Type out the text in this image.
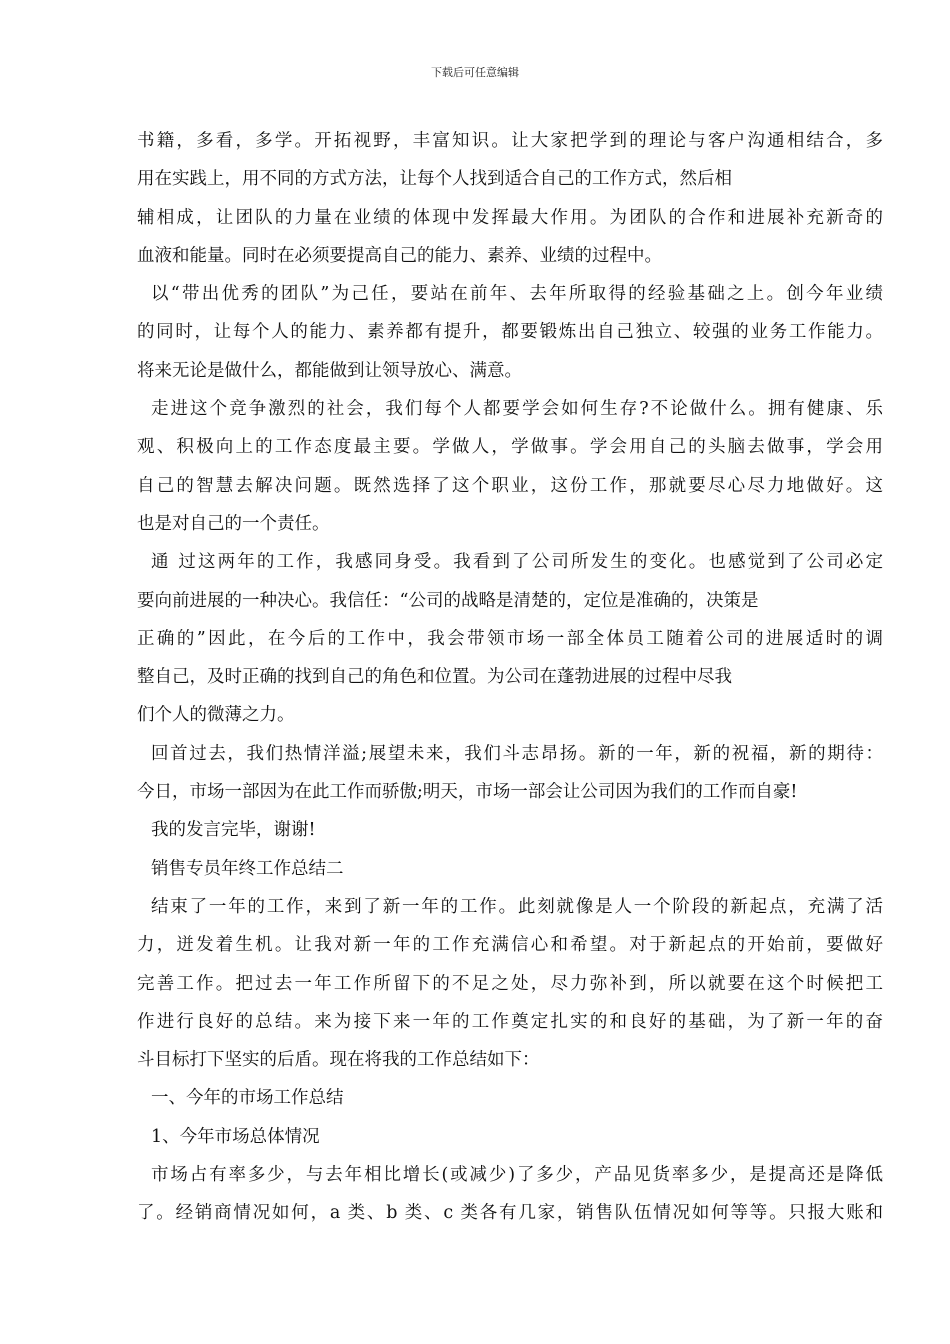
下载后可任意编辑
书籍，多看，多学。开拓视野，丰富知识。让大家把学到的理论与客户沟通相结合，多
用在实践上，用不同的方式方法，让每个人找到适合自己的工作方式，然后相
辅相成，让团队的力量在业绩的体现中发挥最大作用。为团队的合作和进展补充新奇的
血液和能量。同时在必须要提高自己的能力、素养、业绩的过程中。
以“带出优秀的团队”为己任，要站在前年、去年所取得的经验基础之上。创今年业绩
的同时，让每个人的能力、素养都有提升，都要锻炼出自己独立、较强的业务工作能力。
将来无论是做什么，都能做到让领导放心、满意。
走进这个竞争激烈的社会，我们每个人都要学会如何生存?不论做什么。拥有健康、乐
观、积极向上的工作态度最主要。学做人，学做事。学会用自己的头脑去做事，学会用
自己的智慧去解决问题。既然选择了这个职业，这份工作，那就要尽心尽力地做好。这
也是对自己的一个责任。
通 过这两年的工作，我感同身受。我看到了公司所发生的变化。也感觉到了公司必定
要向前进展的一种决心。我信任：“公司的战略是清楚的，定位是准确的，决策是
正确的”因此，在今后的工作中，我会带领市场一部全体员工随着公司的进展适时的调
整自己，及时正确的找到自己的角色和位置。为公司在蓬勃进展的过程中尽我
们个人的微薄之力。
回首过去，我们热情洋溢;展望未来，我们斗志昂扬。新的一年，新的祝福，新的期待：
今日，市场一部因为在此工作而骄傲;明天，市场一部会让公司因为我们的工作而自豪!
我的发言完毕，谢谢!
销售专员年终工作总结二
结束了一年的工作，来到了新一年的工作。此刻就像是人一个阶段的新起点，充满了活
力，迸发着生机。让我对新一年的工作充满信心和希望。对于新起点的开始前，要做好
完善工作。把过去一年工作所留下的不足之处，尽力弥补到，所以就要在这个时候把工
作进行良好的总结。来为接下来一年的工作奠定扎实的和良好的基础，为了新一年的奋
斗目标打下坚实的后盾。现在将我的工作总结如下：
一、今年的市场工作总结
1、今年市场总体情况
市场占有率多少，与去年相比增长(或减少)了多少，产品见货率多少，是提高还是降低
了。经销商情况如何，a 类、b 类、c 类各有几家，销售队伍情况如何等等。只报大账和
